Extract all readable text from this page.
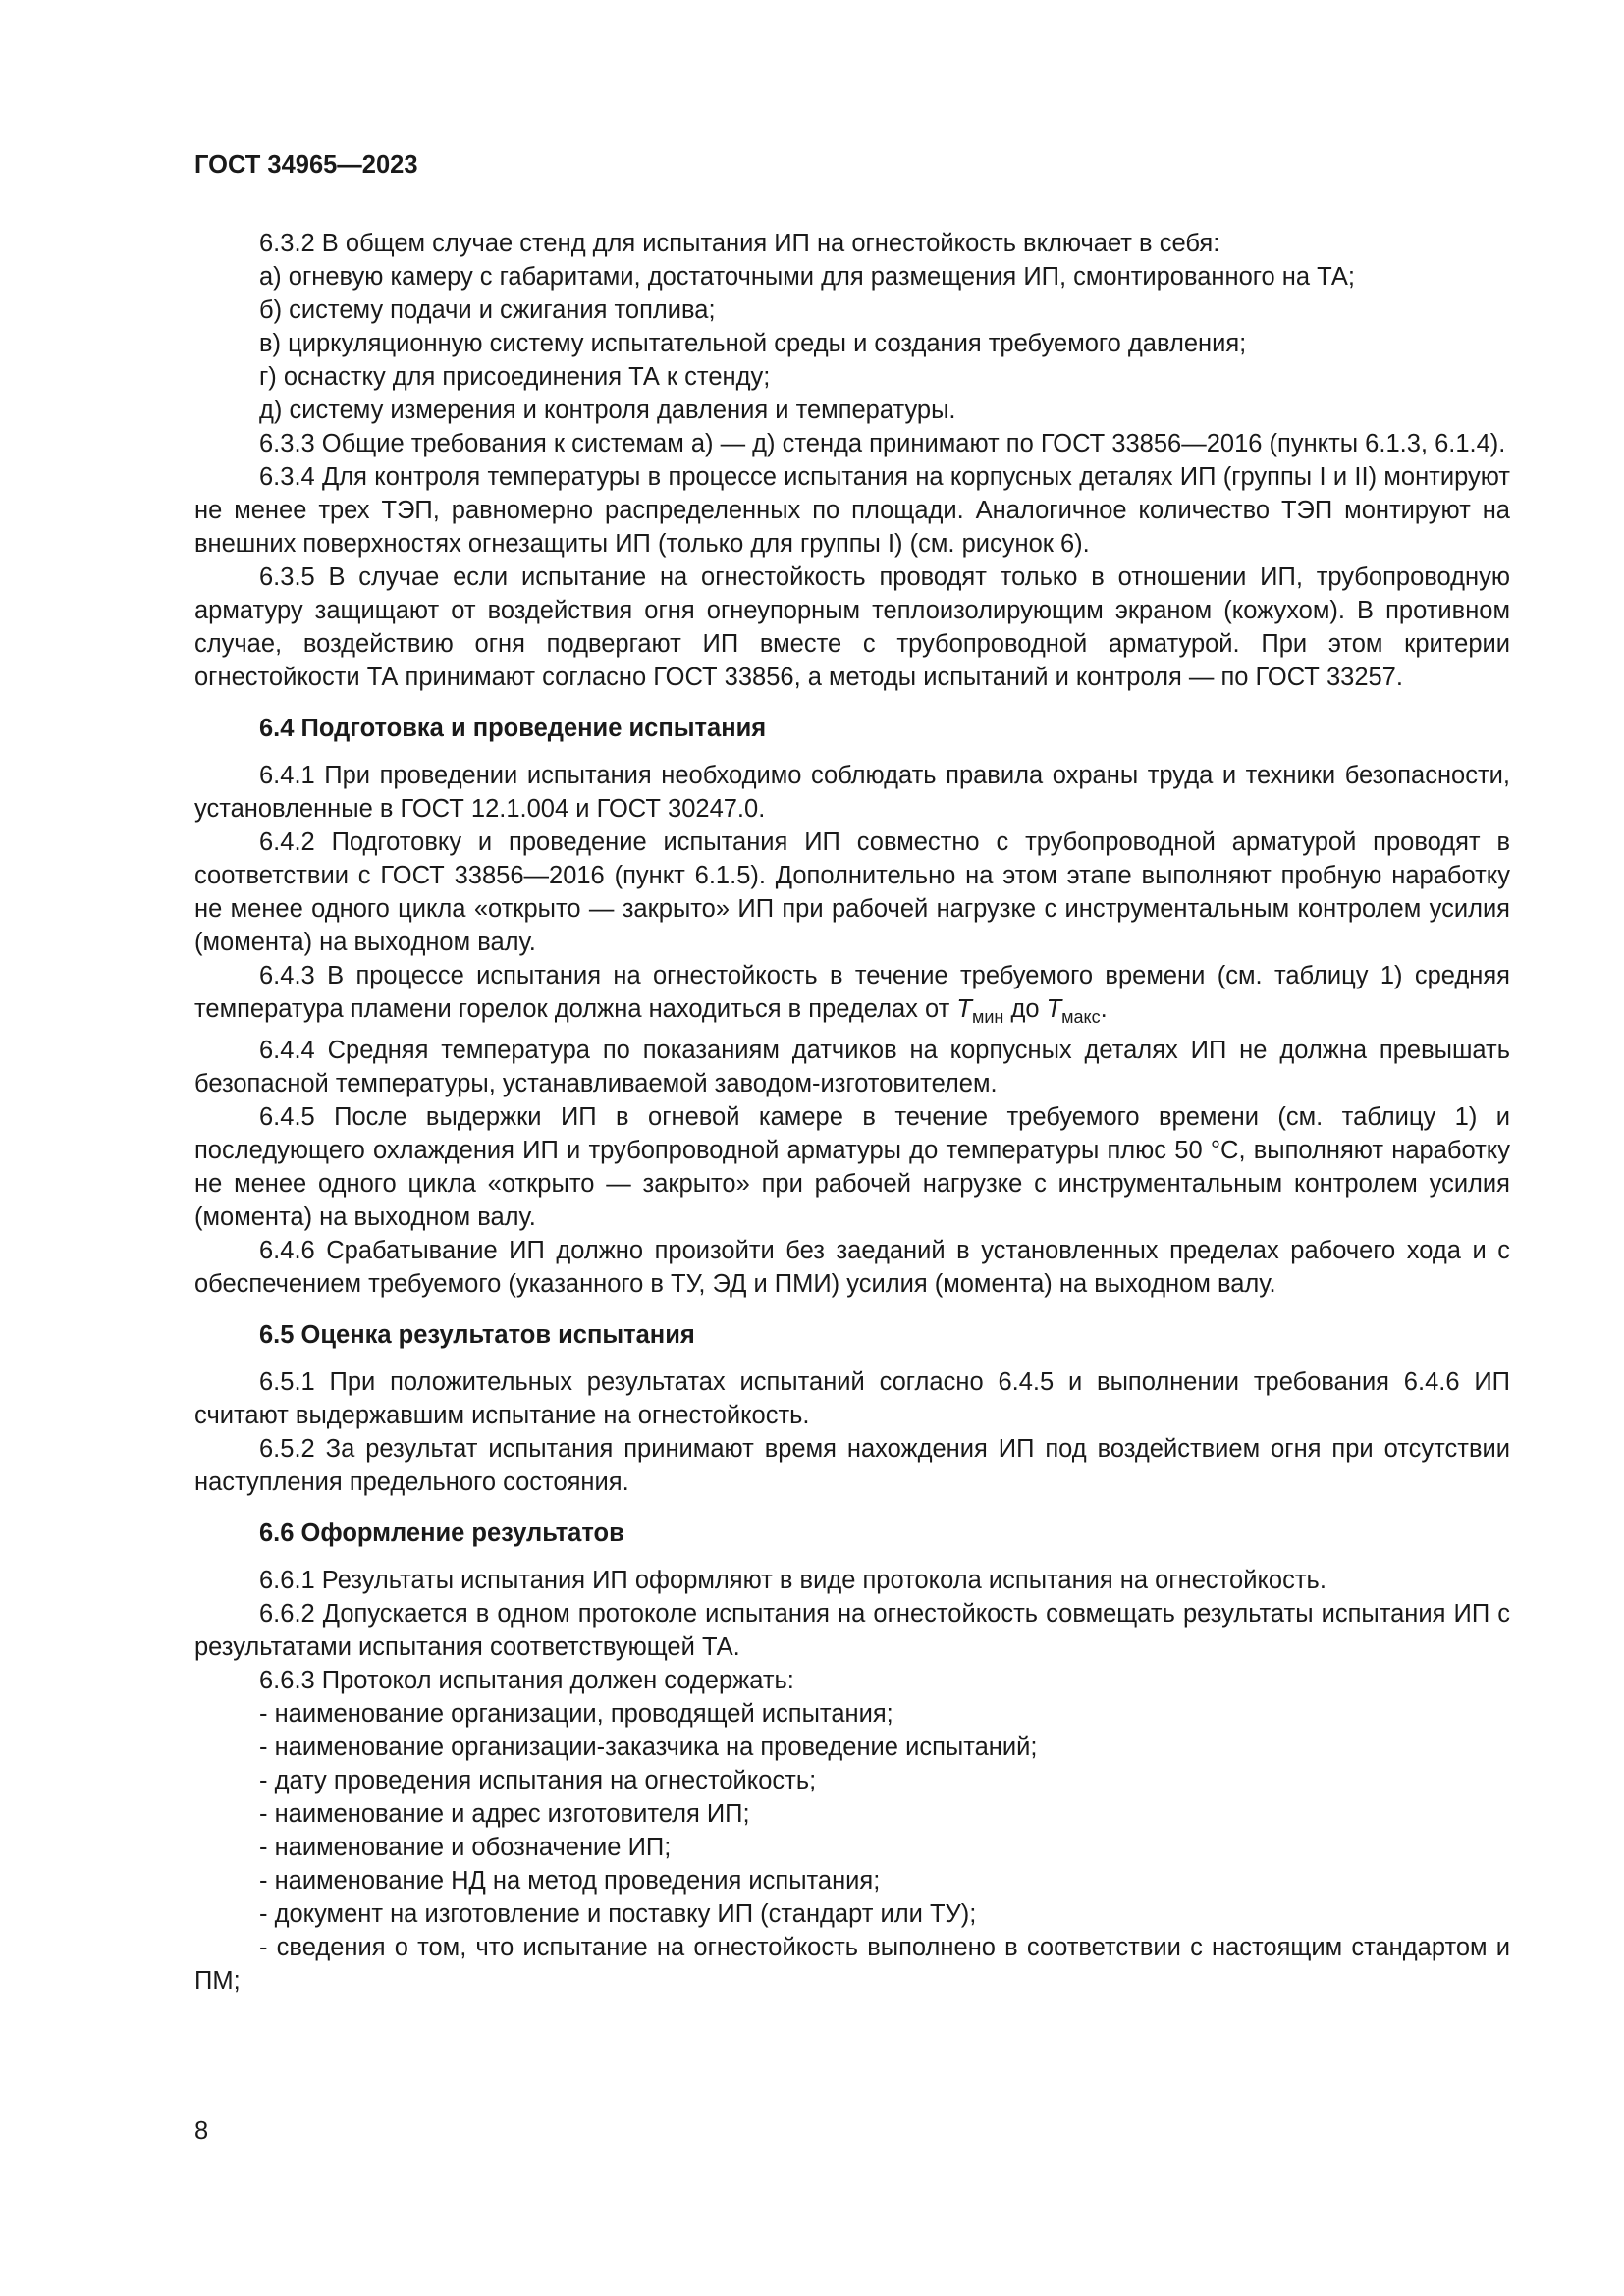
ГОСТ 34965—2023

6.3.2 В общем случае стенд для испытания ИП на огнестойкость включает в себя:

а) огневую камеру с габаритами, достаточными для размещения ИП, смонтированного на ТА;

б) систему подачи и сжигания топлива;

в) циркуляционную систему испытательной среды и создания требуемого давления;

г) оснастку для присоединения ТА к стенду;

д) систему измерения и контроля давления и температуры.

6.3.3 Общие требования к системам а) — д) стенда принимают по ГОСТ 33856—2016 (пункты 6.1.3, 6.1.4).

6.3.4 Для контроля температуры в процессе испытания на корпусных деталях ИП (группы I и II) монтируют не менее трех ТЭП, равномерно распределенных по площади. Аналогичное количество ТЭП монтируют на внешних поверхностях огнезащиты ИП (только для группы I) (см. рисунок 6).

6.3.5 В случае если испытание на огнестойкость проводят только в отношении ИП, трубопроводную арматуру защищают от воздействия огня огнеупорным теплоизолирующим экраном (кожухом). В противном случае, воздействию огня подвергают ИП вместе с трубопроводной арматурой. При этом критерии огнестойкости ТА принимают согласно ГОСТ 33856, а методы испытаний и контроля — по ГОСТ 33257.

6.4 Подготовка и проведение испытания

6.4.1 При проведении испытания необходимо соблюдать правила охраны труда и техники безопасности, установленные в ГОСТ 12.1.004 и ГОСТ 30247.0.

6.4.2 Подготовку и проведение испытания ИП совместно с трубопроводной арматурой проводят в соответствии с ГОСТ 33856—2016 (пункт 6.1.5). Дополнительно на этом этапе выполняют пробную наработку не менее одного цикла «открыто — закрыто» ИП при рабочей нагрузке с инструментальным контролем усилия (момента) на выходном валу.

6.4.3 В процессе испытания на огнестойкость в течение требуемого времени (см. таблицу 1) средняя температура пламени горелок должна находиться в пределах от $T_{мин}$ до $T_{макс}$.

6.4.4 Средняя температура по показаниям датчиков на корпусных деталях ИП не должна превышать безопасной температуры, устанавливаемой заводом-изготовителем.

6.4.5 После выдержки ИП в огневой камере в течение требуемого времени (см. таблицу 1) и последующего охлаждения ИП и трубопроводной арматуры до температуры плюс 50 °С, выполняют наработку не менее одного цикла «открыто — закрыто» при рабочей нагрузке с инструментальным контролем усилия (момента) на выходном валу.

6.4.6 Срабатывание ИП должно произойти без заеданий в установленных пределах рабочего хода и с обеспечением требуемого (указанного в ТУ, ЭД и ПМИ) усилия (момента) на выходном валу.

6.5 Оценка результатов испытания

6.5.1 При положительных результатах испытаний согласно 6.4.5 и выполнении требования 6.4.6 ИП считают выдержавшим испытание на огнестойкость.

6.5.2 За результат испытания принимают время нахождения ИП под воздействием огня при отсутствии наступления предельного состояния.

6.6 Оформление результатов

6.6.1 Результаты испытания ИП оформляют в виде протокола испытания на огнестойкость.

6.6.2 Допускается в одном протоколе испытания на огнестойкость совмещать результаты испытания ИП с результатами испытания соответствующей ТА.

6.6.3 Протокол испытания должен содержать:

- наименование организации, проводящей испытания;

- наименование организации-заказчика на проведение испытаний;

- дату проведения испытания на огнестойкость;

- наименование и адрес изготовителя ИП;

- наименование и обозначение ИП;

- наименование НД на метод проведения испытания;

- документ на изготовление и поставку ИП (стандарт или ТУ);

- сведения о том, что испытание на огнестойкость выполнено в соответствии с настоящим стандартом и ПМ;

8
